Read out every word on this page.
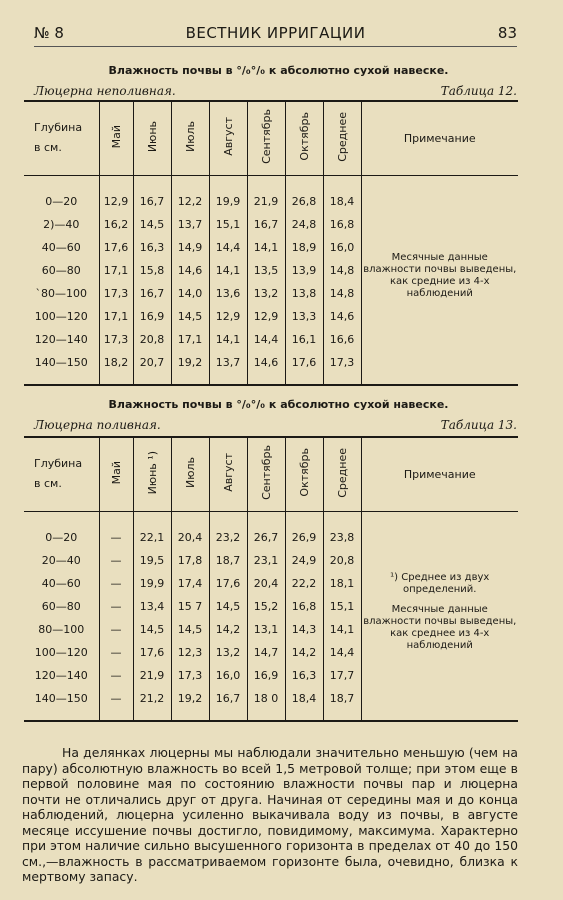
№ 8	ВЕСТНИК ИРРИГАЦИИ	83
Влажность почвы в °/₀°/₀ к абсолютно сухой навеске.
Люцерна неполивная.	Таблица 12.
Глубина
в см.	Май	Июнь	Июль	Август	Сентябрь	Октябрь	Среднее	Примечание

								Месячные данные влажности почвы выведены, как средние из 4-х наблюдений

0—20	12,9	16,7	12,2	19,9	21,9	26,8	18,4	
2)—40	16,2	14,5	13,7	15,1	16,7	24,8	16,8	
40—60	17,6	16,3	14,9	14,4	14,1	18,9	16,0	
60—80	17,1	15,8	14,6	14,1	13,5	13,9	14,8	
`80—100	17,3	16,7	14,0	13,6	13,2	13,8	14,8	
100—120	17,1	16,9	14,5	12,9	12,9	13,3	14,6	
120—140	17,3	20,8	17,1	14,1	14,4	16,1	16,6	
140—150	18,2	20,7	19,2	13,7	14,6	17,6	17,3	

Влажность почвы в °/₀°/₀ к абсолютно сухой навеске.
Люцерна поливная.	Таблица 13.
Глубина
в см.	Май	Июнь ¹)	Июль	Август	Сентябрь	Октябрь	Среднее	Примечание

								¹) Среднее из двух определений.

Месячные данные влажности почвы выведены, как среднее из 4-х наблюдений

0—20	—	22,1	20,4	23,2	26,7	26,9	23,8	
20—40	—	19,5	17,8	18,7	23,1	24,9	20,8	
40—60	—	19,9	17,4	17,6	20,4	22,2	18,1	
60—80	—	13,4	15 7	14,5	15,2	16,8	15,1	
80—100	—	14,5	14,5	14,2	13,1	14,3	14,1	
100—120	—	17,6	12,3	13,2	14,7	14,2	14,4	
120—140	—	21,9	17,3	16,0	16,9	16,3	17,7	
140—150	—	21,2	19,2	16,7	18 0	18,4	18,7	

На делянках люцерны мы наблюдали значительно меньшую (чем на пару) абсолютную влажность во всей 1,5 метровой толще; при этом еще в первой половине мая по состоянию влажности почвы пар и люцерна почти не отличались друг от друга. Начиная от середины мая и до конца наблюдений, люцерна усиленно выкачивала воду из почвы, в августе месяце иссушение почвы достигло, повидимому, максимума. Характерно при этом наличие сильно высушенного горизонта в пределах от 40 до 150 см.,—влажность в рассматриваемом горизонте была, очевидно, близка к мертвому запасу.
